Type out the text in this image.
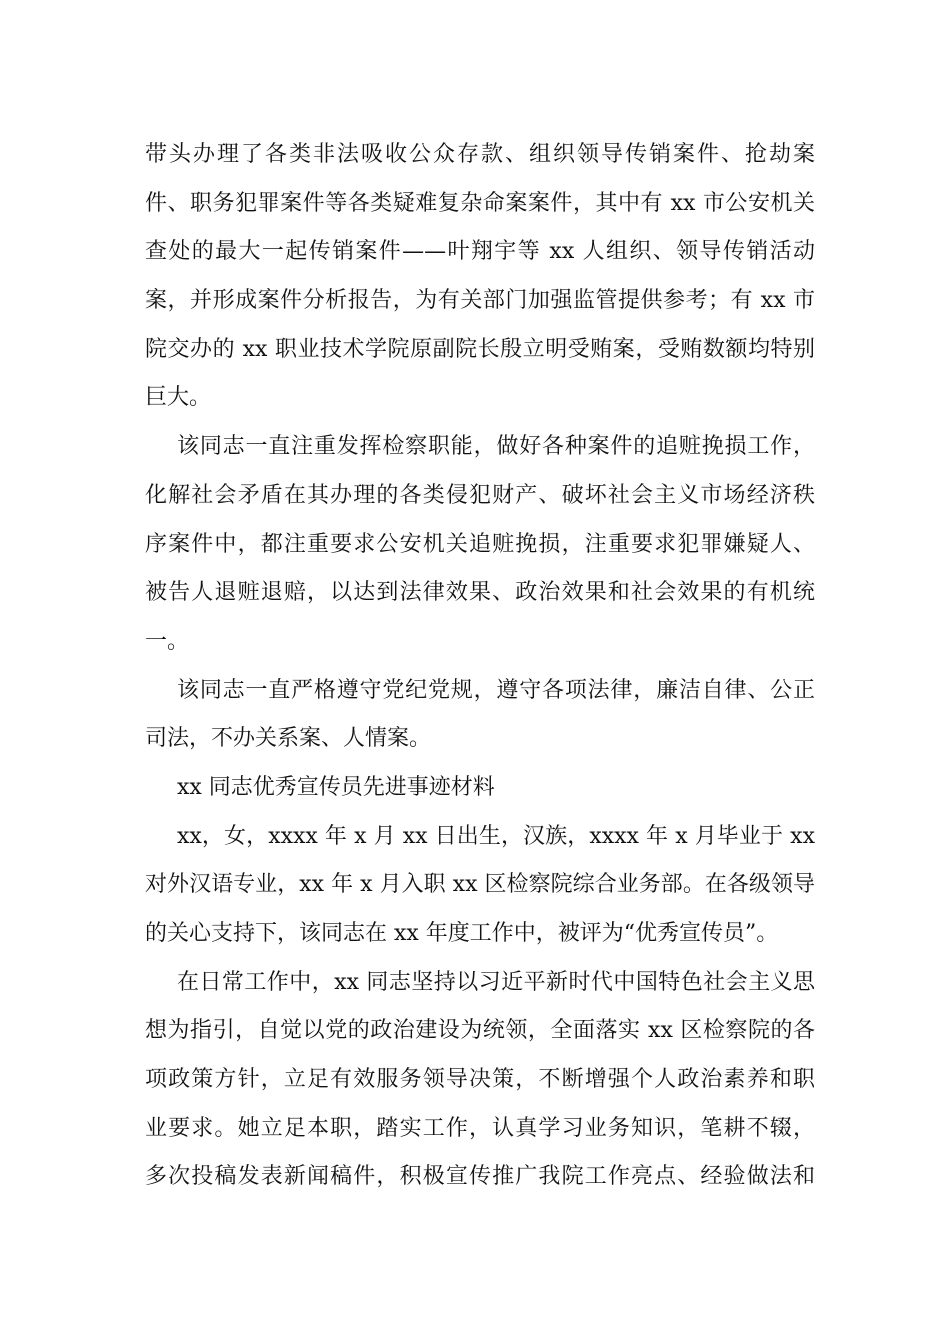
带头办理了各类非法吸收公众存款、组织领导传销案件、抢劫案
件、职务犯罪案件等各类疑难复杂命案案件，其中有 xx 市公安机关
查处的最大一起传销案件——叶翔宇等 xx 人组织、领导传销活动
案，并形成案件分析报告，为有关部门加强监管提供参考；有 xx 市
院交办的 xx 职业技术学院原副院长殷立明受贿案，受贿数额均特别
巨大。
该同志一直注重发挥检察职能，做好各种案件的追赃挽损工作，
化解社会矛盾在其办理的各类侵犯财产、破坏社会主义市场经济秩
序案件中，都注重要求公安机关追赃挽损，注重要求犯罪嫌疑人、
被告人退赃退赔，以达到法律效果、政治效果和社会效果的有机统
一。
该同志一直严格遵守党纪党规，遵守各项法律，廉洁自律、公正
司法，不办关系案、人情案。
xx 同志优秀宣传员先进事迹材料
xx，女，xxxx 年 x 月 xx 日出生，汉族，xxxx 年 x 月毕业于 xx
对外汉语专业，xx 年 x 月入职 xx 区检察院综合业务部。在各级领导
的关心支持下，该同志在 xx 年度工作中，被评为“优秀宣传员”。
在日常工作中，xx 同志坚持以习近平新时代中国特色社会主义思
想为指引，自觉以党的政治建设为统领，全面落实 xx 区检察院的各
项政策方针，立足有效服务领导决策，不断增强个人政治素养和职
业要求。她立足本职，踏实工作，认真学习业务知识，笔耕不辍，
多次投稿发表新闻稿件，积极宣传推广我院工作亮点、经验做法和
